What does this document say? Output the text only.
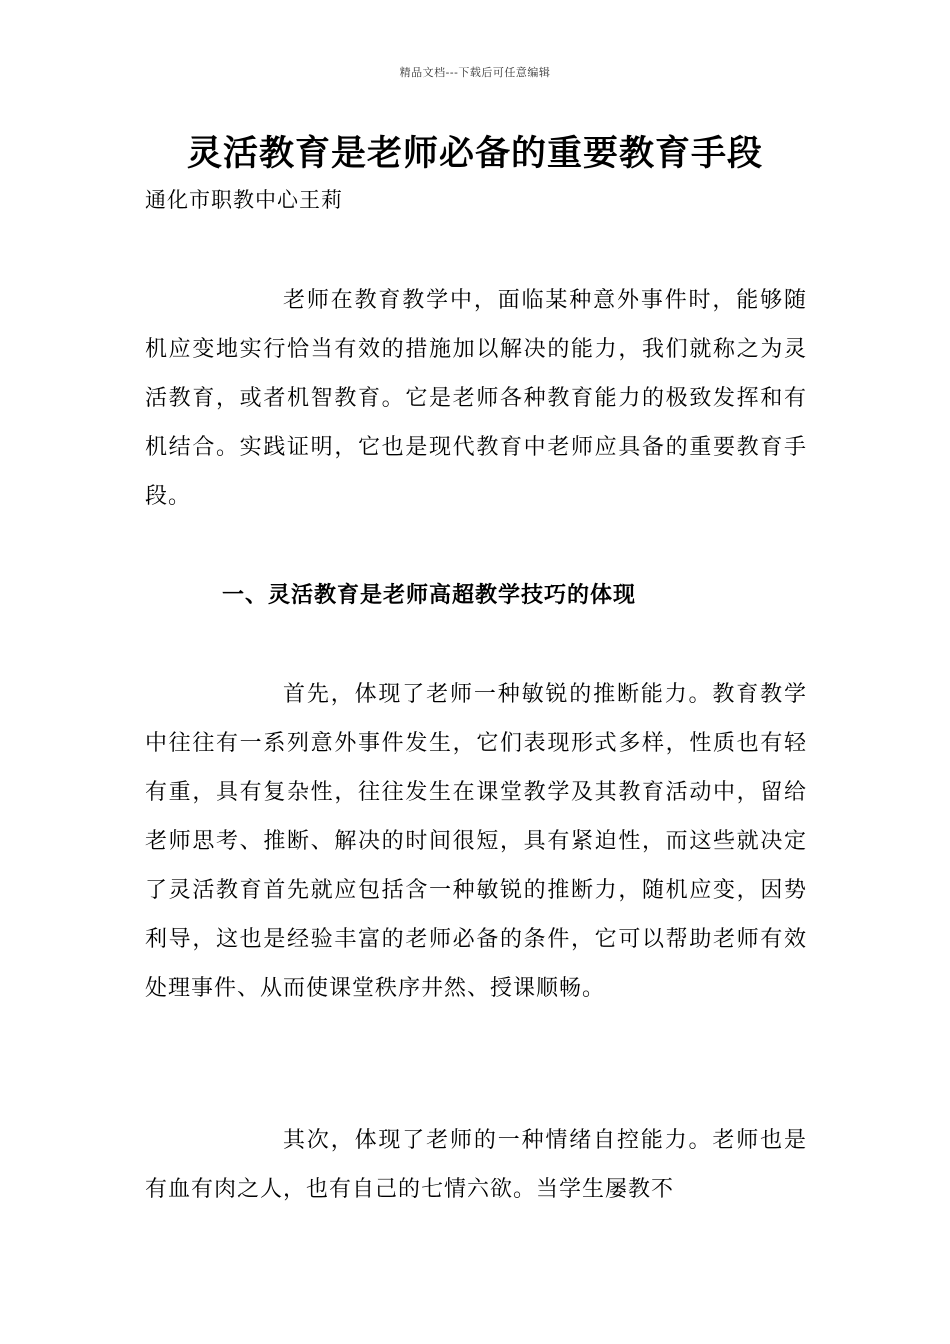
精品文档---下载后可任意编辑
灵活教育是老师必备的重要教育手段
通化市职教中心王莉

老师在教育教学中，面临某种意外事件时，能够随机应变地实行恰当有效的措施加以解决的能力，我们就称之为灵活教育，或者机智教育。它是老师各种教育能力的极致发挥和有机结合。实践证明，它也是现代教育中老师应具备的重要教育手段。

一、灵活教育是老师高超教学技巧的体现

首先，体现了老师一种敏锐的推断能力。教育教学中往往有一系列意外事件发生，它们表现形式多样，性质也有轻有重，具有复杂性，往往发生在课堂教学及其教育活动中，留给老师思考、推断、解决的时间很短，具有紧迫性，而这些就决定了灵活教育首先就应包括含一种敏锐的推断力，随机应变，因势利导，这也是经验丰富的老师必备的条件，它可以帮助老师有效处理事件、从而使课堂秩序井然、授课顺畅。

其次，体现了老师的一种情绪自控能力。老师也是有血有肉之人，也有自己的七情六欲。当学生屡教不
